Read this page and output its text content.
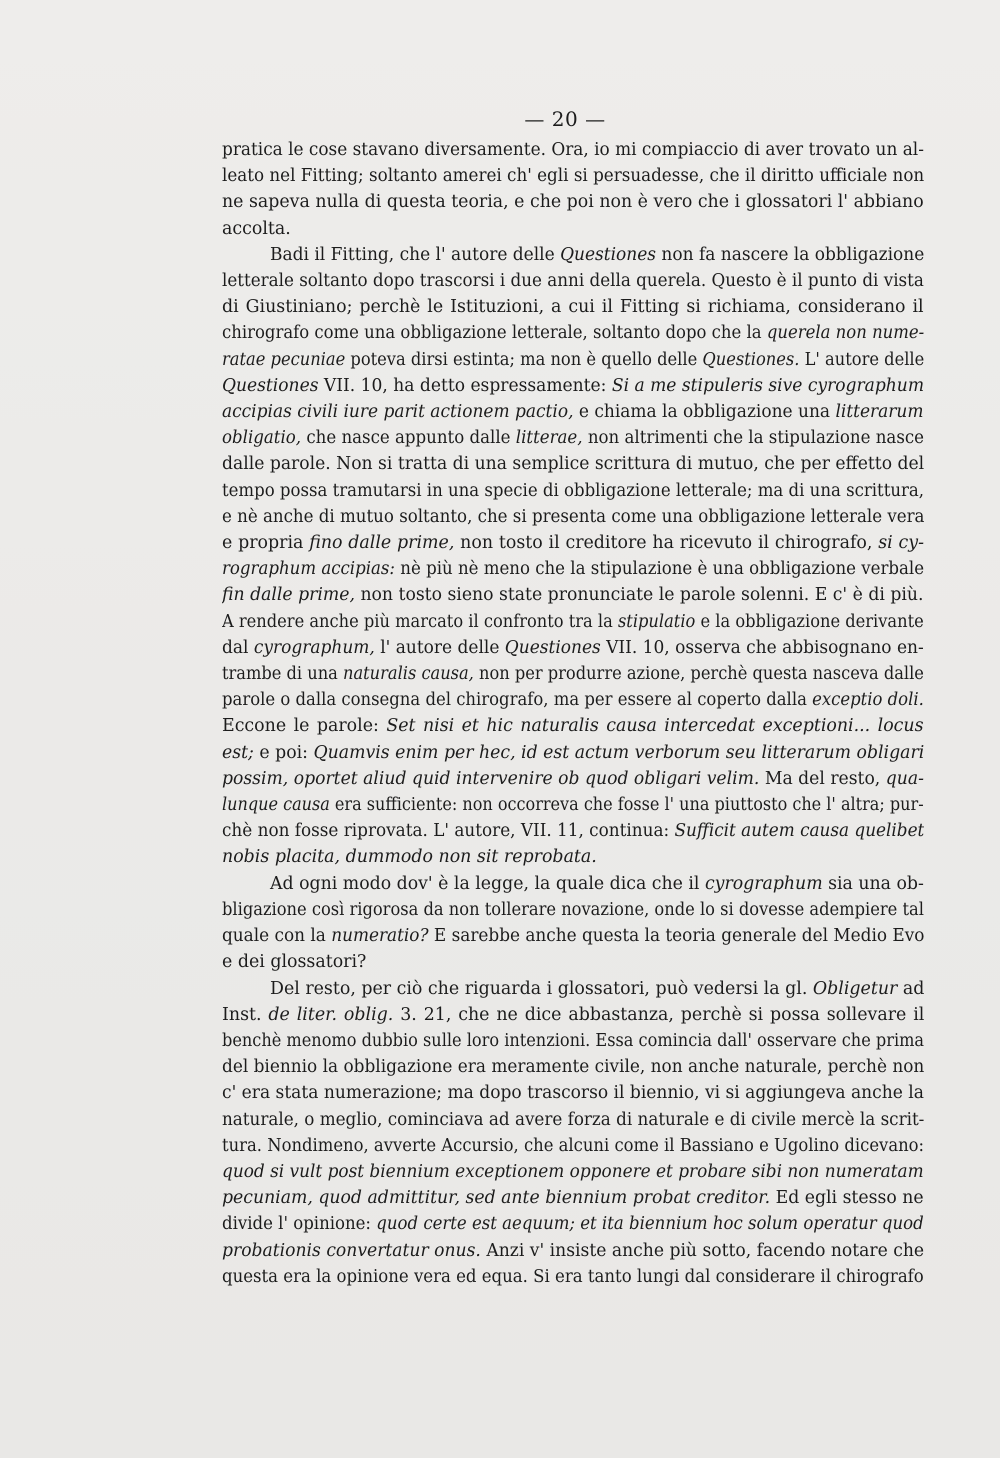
— 20 —
pratica le cose stavano diversamente. Ora, io mi compiaccio di aver trovato un al-
leato nel Fitting; soltanto amerei ch' egli si persuadesse, che il diritto ufficiale non
ne sapeva nulla di questa teoria, e che poi non è vero che i glossatori l' abbiano
accolta.
Badi il Fitting, che l' autore delle Questiones non fa nascere la obbligazione
letterale soltanto dopo trascorsi i due anni della querela. Questo è il punto di vista
di Giustiniano; perchè le Istituzioni, a cui il Fitting si richiama, considerano il
chirografo come una obbligazione letterale, soltanto dopo che la querela non nume-
ratae pecuniae poteva dirsi estinta; ma non è quello delle Questiones. L' autore delle
Questiones VII. 10, ha detto espressamente: Si a me stipuleris sive cyrographum
accipias civili iure parit actionem pactio, e chiama la obbligazione una litterarum
obligatio, che nasce appunto dalle litterae, non altrimenti che la stipulazione nasce
dalle parole. Non si tratta di una semplice scrittura di mutuo, che per effetto del
tempo possa tramutarsi in una specie di obbligazione letterale; ma di una scrittura,
e nè anche di mutuo soltanto, che si presenta come una obbligazione letterale vera
e propria fino dalle prime, non tosto il creditore ha ricevuto il chirografo, si cy-
rographum accipias: nè più nè meno che la stipulazione è una obbligazione verbale
fin dalle prime, non tosto sieno state pronunciate le parole solenni. E c' è di più.
A rendere anche più marcato il confronto tra la stipulatio e la obbligazione derivante
dal cyrographum, l' autore delle Questiones VII. 10, osserva che abbisognano en-
trambe di una naturalis causa, non per produrre azione, perchè questa nasceva dalle
parole o dalla consegna del chirografo, ma per essere al coperto dalla exceptio doli.
Eccone le parole: Set nisi et hic naturalis causa intercedat exceptioni... locus
est; e poi: Quamvis enim per hec, id est actum verborum seu litterarum obligari
possim, oportet aliud quid intervenire ob quod obligari velim. Ma del resto, qua-
lunque causa era sufficiente: non occorreva che fosse l' una piuttosto che l' altra; pur-
chè non fosse riprovata. L' autore, VII. 11, continua: Sufficit autem causa quelibet
nobis placita, dummodo non sit reprobata.
Ad ogni modo dov' è la legge, la quale dica che il cyrographum sia una ob-
bligazione così rigorosa da non tollerare novazione, onde lo si dovesse adempiere tal
quale con la numeratio? E sarebbe anche questa la teoria generale del Medio Evo
e dei glossatori?
Del resto, per ciò che riguarda i glossatori, può vedersi la gl. Obligetur ad
Inst. de liter. oblig. 3. 21, che ne dice abbastanza, perchè si possa sollevare il
benchè menomo dubbio sulle loro intenzioni. Essa comincia dall' osservare che prima
del biennio la obbligazione era meramente civile, non anche naturale, perchè non
c' era stata numerazione; ma dopo trascorso il biennio, vi si aggiungeva anche la
naturale, o meglio, cominciava ad avere forza di naturale e di civile mercè la scrit-
tura. Nondimeno, avverte Accursio, che alcuni come il Bassiano e Ugolino dicevano:
quod si vult post biennium exceptionem opponere et probare sibi non numeratam
pecuniam, quod admittitur, sed ante biennium probat creditor. Ed egli stesso ne
divide l' opinione: quod certe est aequum; et ita biennium hoc solum operatur quod
probationis convertatur onus. Anzi v' insiste anche più sotto, facendo notare che
questa era la opinione vera ed equa. Si era tanto lungi dal considerare il chirografo
